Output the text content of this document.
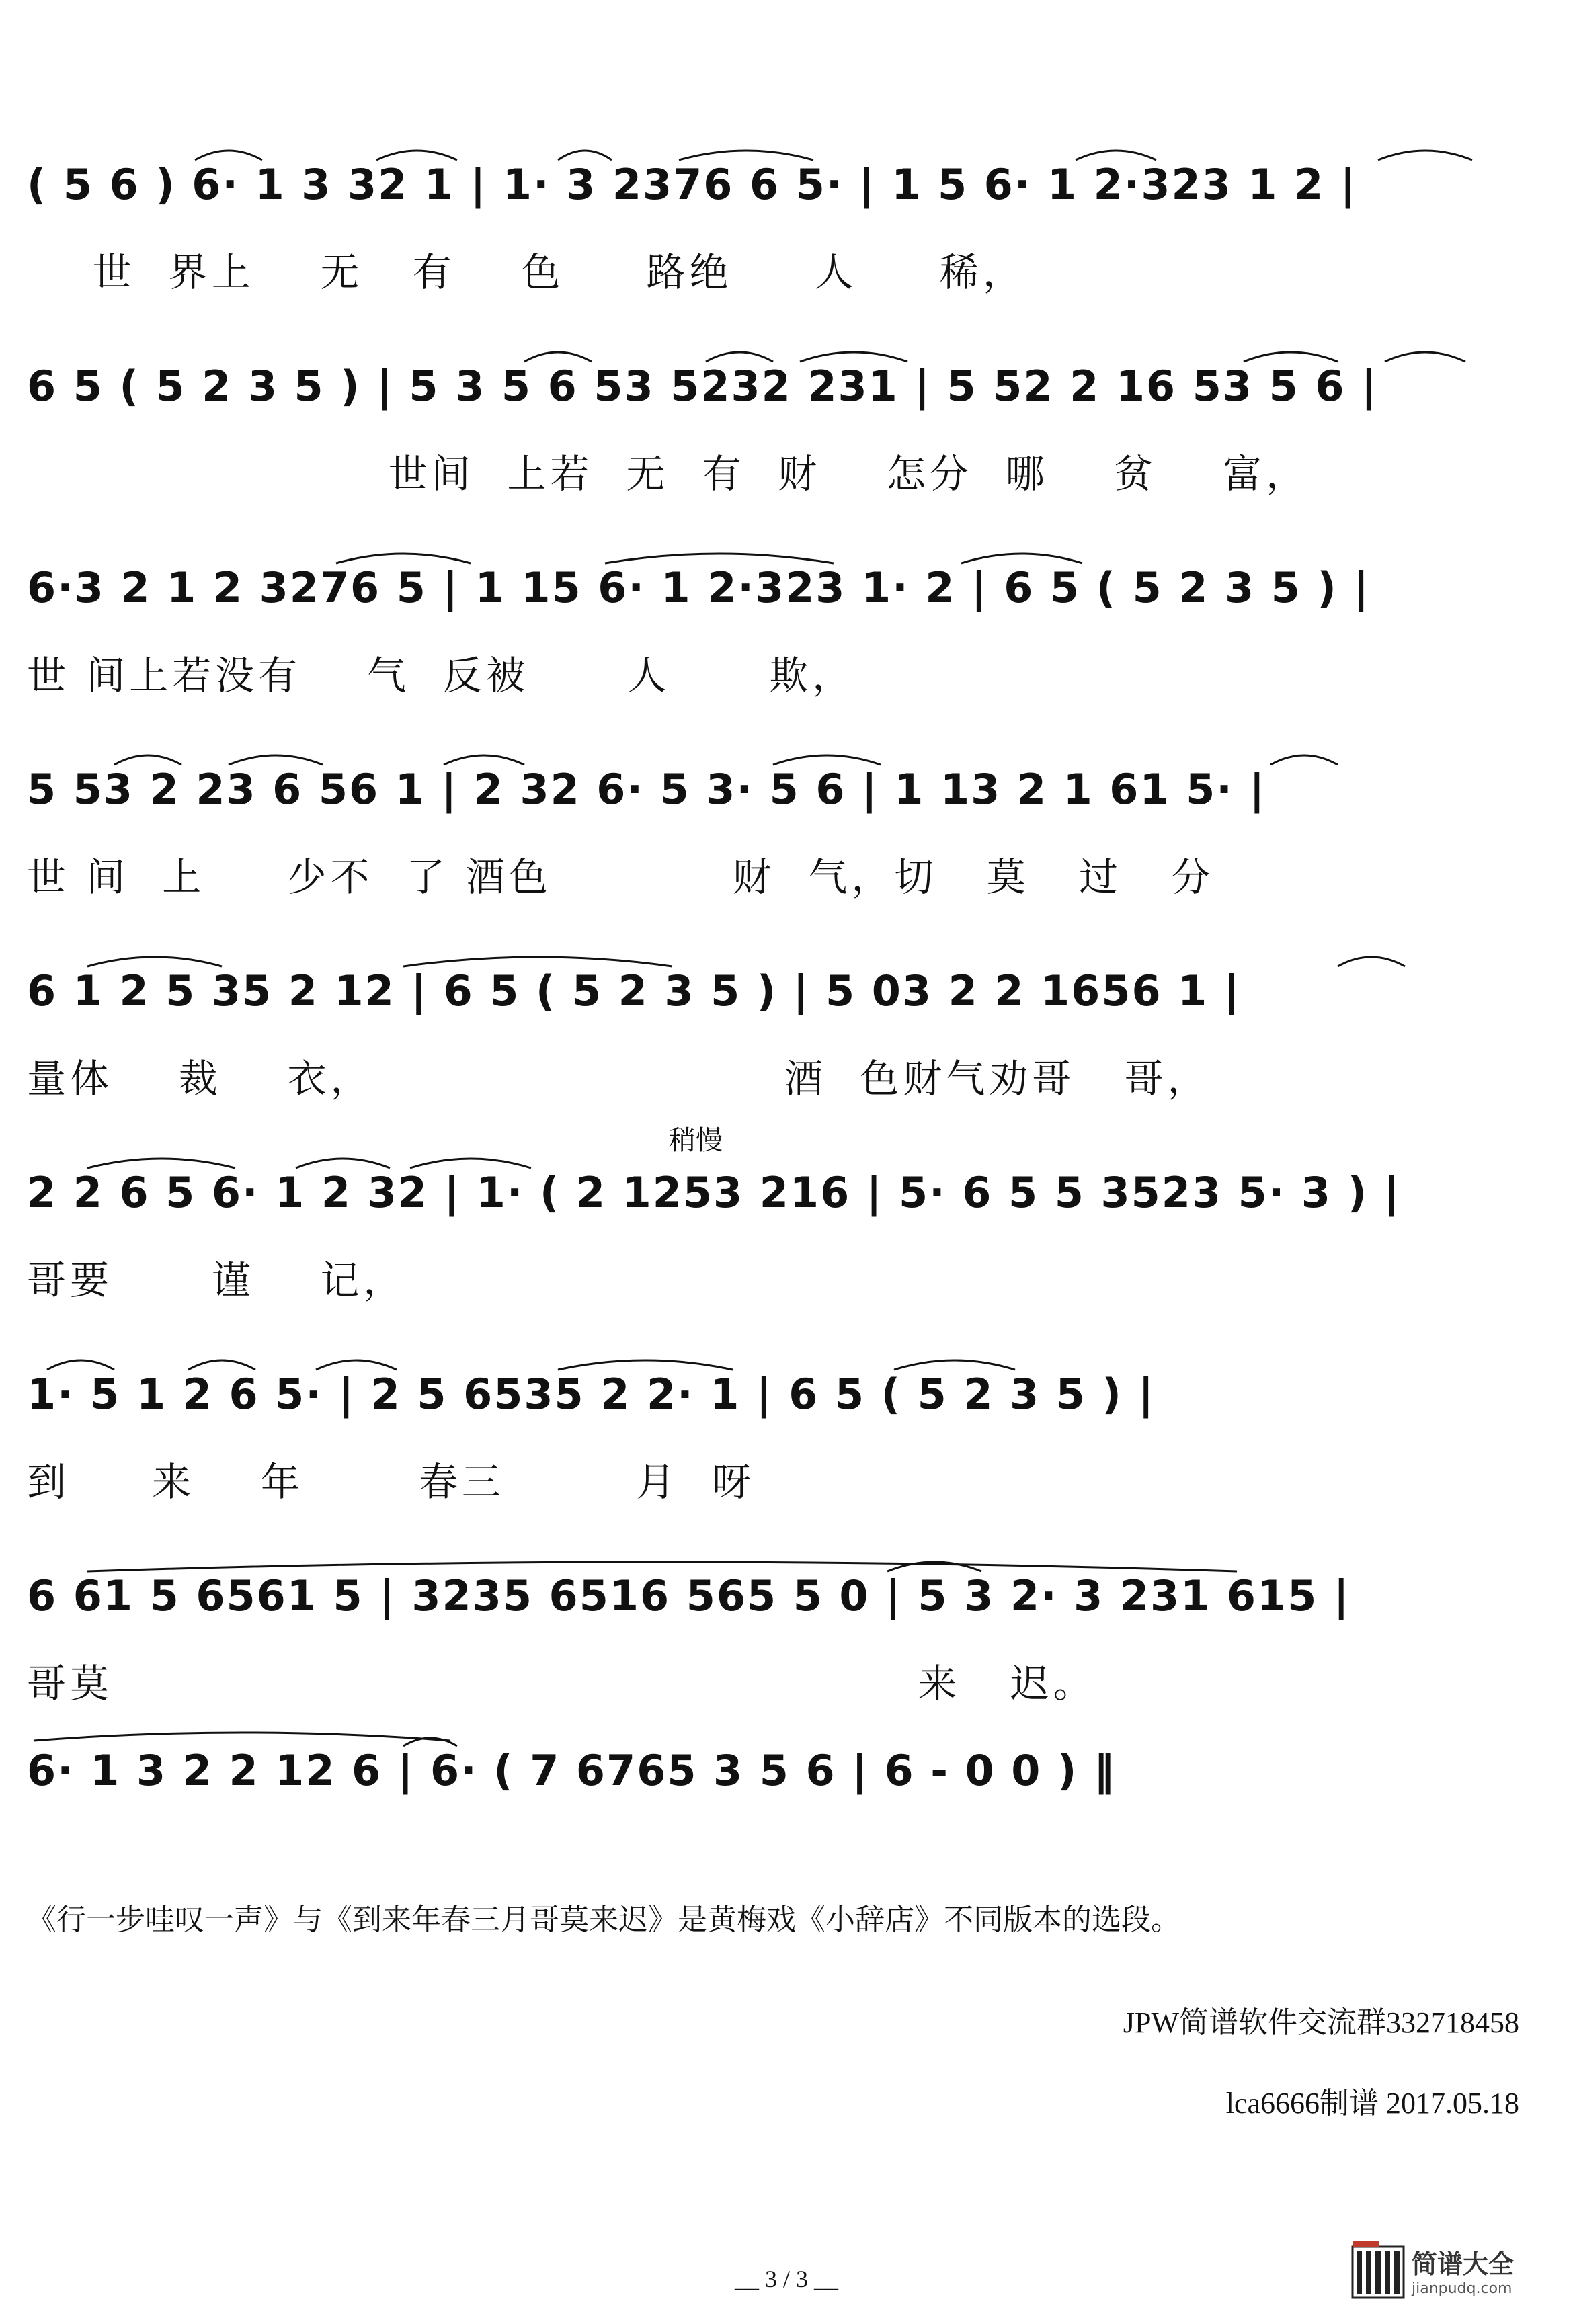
( 5 6 ) 6· 1 3 32 1 | 1· 3 2376 6 5· | 1 5 6· 1 2·323 1 2 |
世  界上    无   有    色     路绝     人     稀，
6 5 ( 5 2 3 5 ) | 5 3 5 6 53 5232 231 | 5 52 2 16 53 5 6 |
世间  上若  无  有  财    怎分  哪    贫    富，
6·3 2 1 2 3276 5 | 1 15 6· 1 2·323 1· 2 | 6 5 ( 5 2 3 5 ) |
世 间上若没有    气  反被      人      欺，
5 53 2 23 6 56 1 | 2 32 6· 5 3· 5 6 | 1 13 2 1 61 5· |
世 间  上     少不  了 酒色           财  气，切   莫   过   分
6 1 2 5 35 2 12 | 6 5 ( 5 2 3 5 ) | 5 03 2 2 1656 1 |
量体    裁    衣，                         酒  色财气劝哥   哥，
稍慢
2 2 6 5 6· 1 2 32 | 1· ( 2 1253 216 | 5· 6 5 5 3523 5· 3 ) |
哥要      谨    记，
1· 5 1 2 6 5· | 2 5 6535 2 2· 1 | 6 5 ( 5 2 3 5 ) |
到     来    年       春三        月  呀
6 61 5 6561 5 | 3235 6516 565 5 0 | 5 3 2· 3 231 615 |
哥莫                                                 来   迟。
6· 1 3 2 2 12 6 | 6· ( 7 6765 3 5 6 | 6 - 0 0 ) ‖
《行一步哇叹一声》与《到来年春三月哥莫来迟》是黄梅戏《小辞店》不同版本的选段。
JPW简谱软件交流群332718458
lca6666制谱 2017.05.18
__ 3 / 3 __	简谱大全
jianpudq.com
